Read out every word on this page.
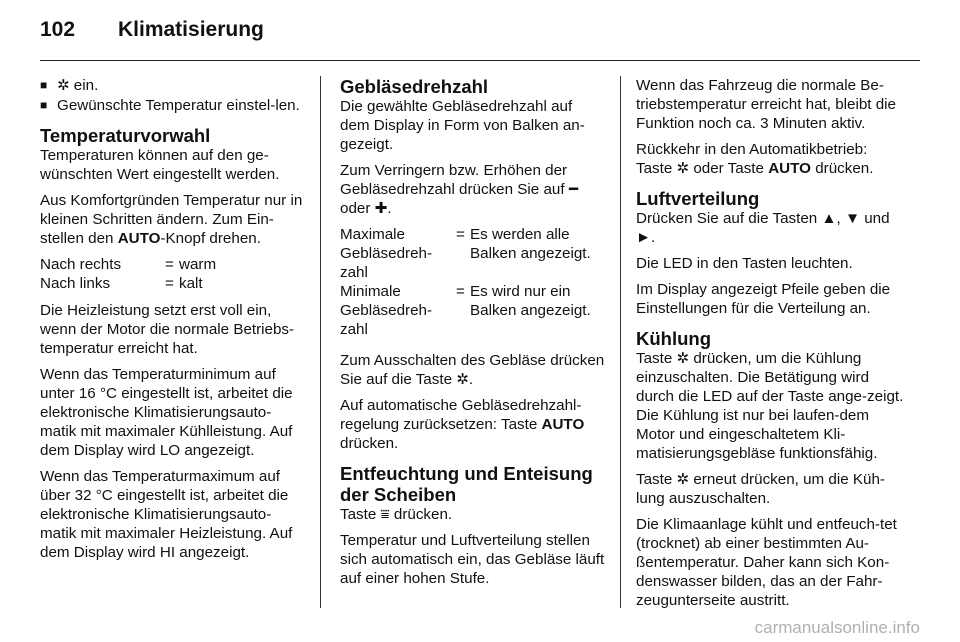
102	Klimatisierung
■ ✲ ein.
■ Gewünschte Temperatur einstel-len.
Temperaturvorwahl

Temperaturen können auf den ge-wünschten Wert eingestellt werden.

Aus Komfortgründen Temperatur nur in kleinen Schritten ändern. Zum Ein-stellen den AUTO-Knopf drehen.

Nach rechts	= warm
Nach links	= kalt

Die Heizleistung setzt erst voll ein, wenn der Motor die normale Betriebs-temperatur erreicht hat.

Wenn das Temperaturminimum auf unter 16 °C eingestellt ist, arbeitet die elektronische Klimatisierungsauto-matik mit maximaler Kühlleistung. Auf dem Display wird LO angezeigt.

Wenn das Temperaturmaximum auf über 32 °C eingestellt ist, arbeitet die elektronische Klimatisierungsauto-matik mit maximaler Heizleistung. Auf dem Display wird HI angezeigt.

Gebläsedrehzahl

Die gewählte Gebläsedrehzahl auf dem Display in Form von Balken an-gezeigt.

Zum Verringern bzw. Erhöhen der Gebläsedrehzahl drücken Sie auf ━ oder ✚.

Maximale Gebläsedreh-zahl
= Es werden alle Balken angezeigt.
Minimale Gebläsedreh-zahl
= Es wird nur ein Balken angezeigt.

Zum Ausschalten des Gebläse drücken Sie auf die Taste ✲.

Auf automatische Gebläsedrehzahl-regelung zurücksetzen: Taste AUTO drücken.

Entfeuchtung und Enteisung der Scheiben

Taste ⩸ drücken.

Temperatur und Luftverteilung stellen sich automatisch ein, das Gebläse läuft auf einer hohen Stufe.

Wenn das Fahrzeug die normale Be-triebstemperatur erreicht hat, bleibt die Funktion noch ca. 3 Minuten aktiv.

Rückkehr in den Automatikbetrieb: Taste ✲ oder Taste AUTO drücken.

Luftverteilung

Drücken Sie auf die Tasten ▲, ▼ und ►.

Die LED in den Tasten leuchten.

Im Display angezeigt Pfeile geben die Einstellungen für die Verteilung an.

Kühlung

Taste ✲ drücken, um die Kühlung einzuschalten. Die Betätigung wird durch die LED auf der Taste ange-zeigt. Die Kühlung ist nur bei laufen-dem Motor und eingeschaltetem Kli-matisierungsgebläse funktionsfähig.

Taste ✲ erneut drücken, um die Küh-lung auszuschalten.

Die Klimaanlage kühlt und entfeuch-tet (trocknet) ab einer bestimmten Au-ßentemperatur. Daher kann sich Kon-denswasser bilden, das an der Fahr-zeugunterseite austritt.

carmanualsonline.info
